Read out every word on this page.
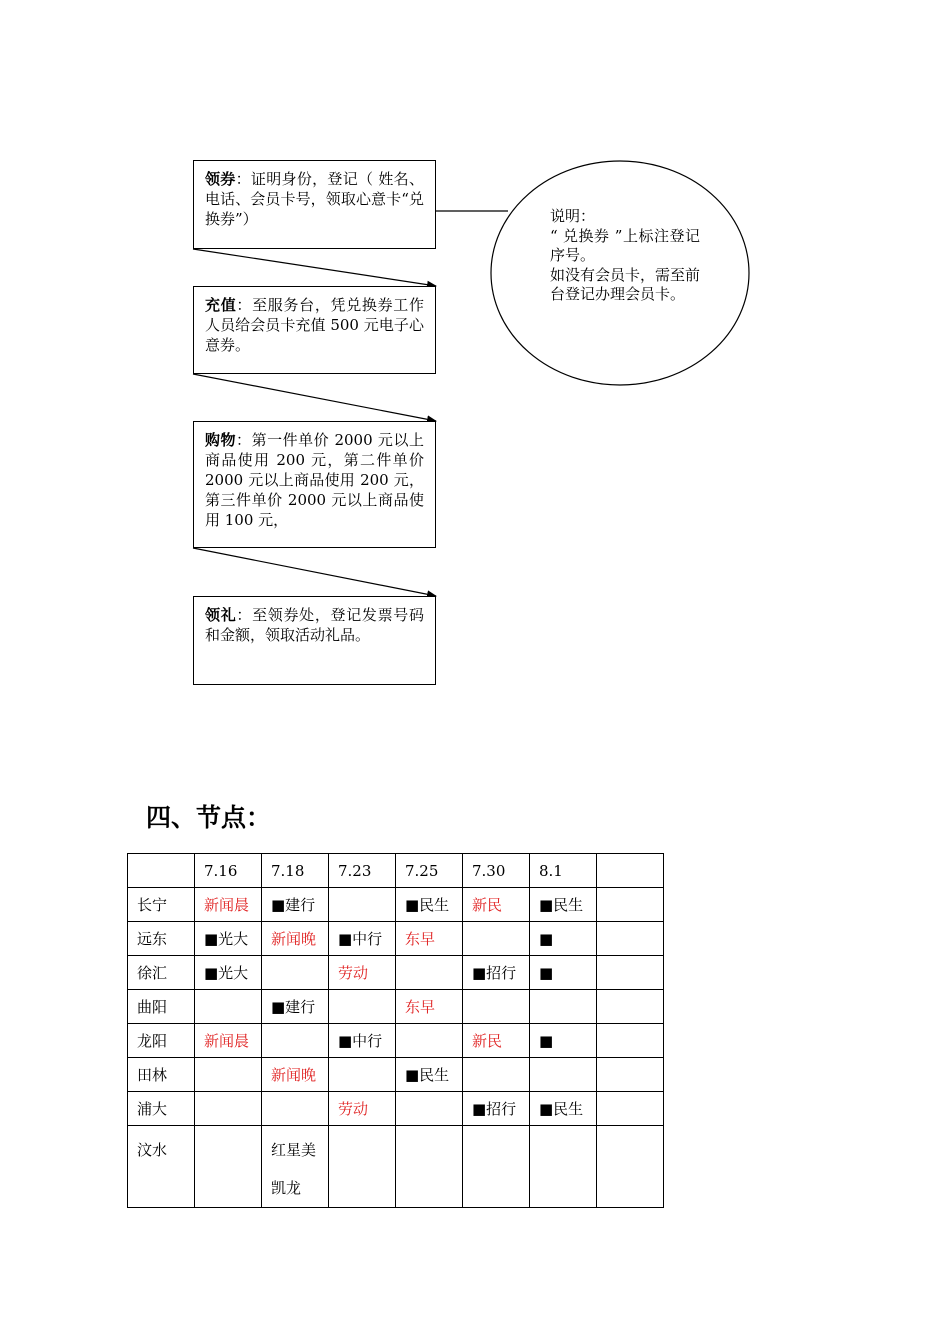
领券：证明身份，登记（ 姓名、电话、会员卡号，领取心意卡“兑换券”）
充值：至服务台，凭兑换券工作人员给会员卡充值 500 元电子心意券。
购物：第一件单价 2000 元以上商品使用 200 元，第二件单价 2000 元以上商品使用 200 元，第三件单价 2000 元以上商品使用 100 元，
领礼：至领券处，登记发票号码和金额，领取活动礼品。
说明：
“ 兑换券 ”上标注登记序号。
如没有会员卡，需至前台登记办理会员卡。
四、节点：
	7.16	7.18	7.23	7.25	7.30	8.1	
长宁	新闻晨	■建行		■民生	新民	■民生	
远东	■光大	新闻晚	■中行	东早		■	
徐汇	■光大		劳动		■招行	■	
曲阳		■建行		东早			
龙阳	新闻晨		■中行		新民	■	
田林		新闻晚		■民生			
浦大			劳动		■招行	■民生	
汶水		红星美凯龙					
